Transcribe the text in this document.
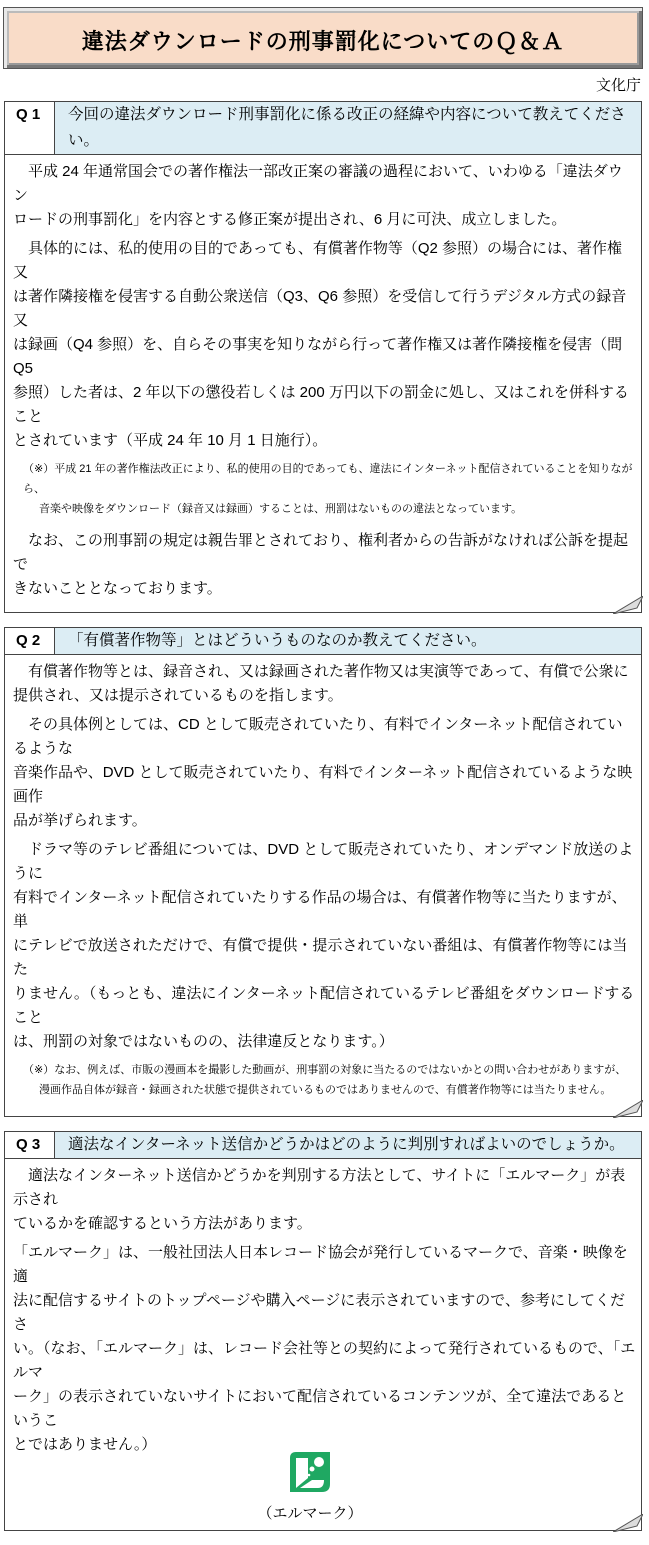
違法ダウンロードの刑事罰化についてのＱ＆Ａ
文化庁
Q 1	今回の違法ダウンロード刑事罰化に係る改正の経緯や内容について教えてください。
　平成 24 年通常国会での著作権法一部改正案の審議の過程において、いわゆる「違法ダウン
ロードの刑事罰化」を内容とする修正案が提出され、6 月に可決、成立しました。
　具体的には、私的使用の目的であっても、有償著作物等（Q2 参照）の場合には、著作権又
は著作隣接権を侵害する自動公衆送信（Q3、Q6 参照）を受信して行うデジタル方式の録音又
は録画（Q4 参照）を、自らその事実を知りながら行って著作権又は著作隣接権を侵害（問Q5
参照）した者は、2 年以下の懲役若しくは 200 万円以下の罰金に処し、又はこれを併科すること
とされています（平成 24 年 10 月 1 日施行）。
（※）平成 21 年の著作権法改正により、私的使用の目的であっても、違法にインターネット配信されていることを知りながら、
音楽や映像をダウンロード（録音又は録画）することは、刑罰はないものの違法となっています。
　なお、この刑事罰の規定は親告罪とされており、権利者からの告訴がなければ公訴を提起で
きないこととなっております。
Q 2	「有償著作物等」とはどういうものなのか教えてください。
　有償著作物等とは、録音され、又は録画された著作物又は実演等であって、有償で公衆に
提供され、又は提示されているものを指します。
　その具体例としては、CD として販売されていたり、有料でインターネット配信されているような
音楽作品や、DVD として販売されていたり、有料でインターネット配信されているような映画作
品が挙げられます。
　ドラマ等のテレビ番組については、DVD として販売されていたり、オンデマンド放送のように
有料でインターネット配信されていたりする作品の場合は、有償著作物等に当たりますが、単
にテレビで放送されただけで、有償で提供・提示されていない番組は、有償著作物等には当た
りません。（もっとも、違法にインターネット配信されているテレビ番組をダウンロードすること
は、刑罰の対象ではないものの、法律違反となります。）
（※）なお、例えば、市販の漫画本を撮影した動画が、刑事罰の対象に当たるのではないかとの問い合わせがありますが、
漫画作品自体が録音・録画された状態で提供されているものではありませんので、有償著作物等には当たりません。
Q 3	適法なインターネット送信かどうかはどのように判別すればよいのでしょうか。
　適法なインターネット送信かどうかを判別する方法として、サイトに「エルマーク」が表示され
ているかを確認するという方法があります。
「エルマーク」は、一般社団法人日本レコード協会が発行しているマークで、音楽・映像を適
法に配信するサイトのトップページや購入ページに表示されていますので、参考にしてくださ
い。（なお、「エルマーク」は、レコード会社等との契約によって発行されているもので、「エルマ
ーク」の表示されていないサイトにおいて配信されているコンテンツが、全て違法であるというこ
とではありません。）
（エルマーク）
